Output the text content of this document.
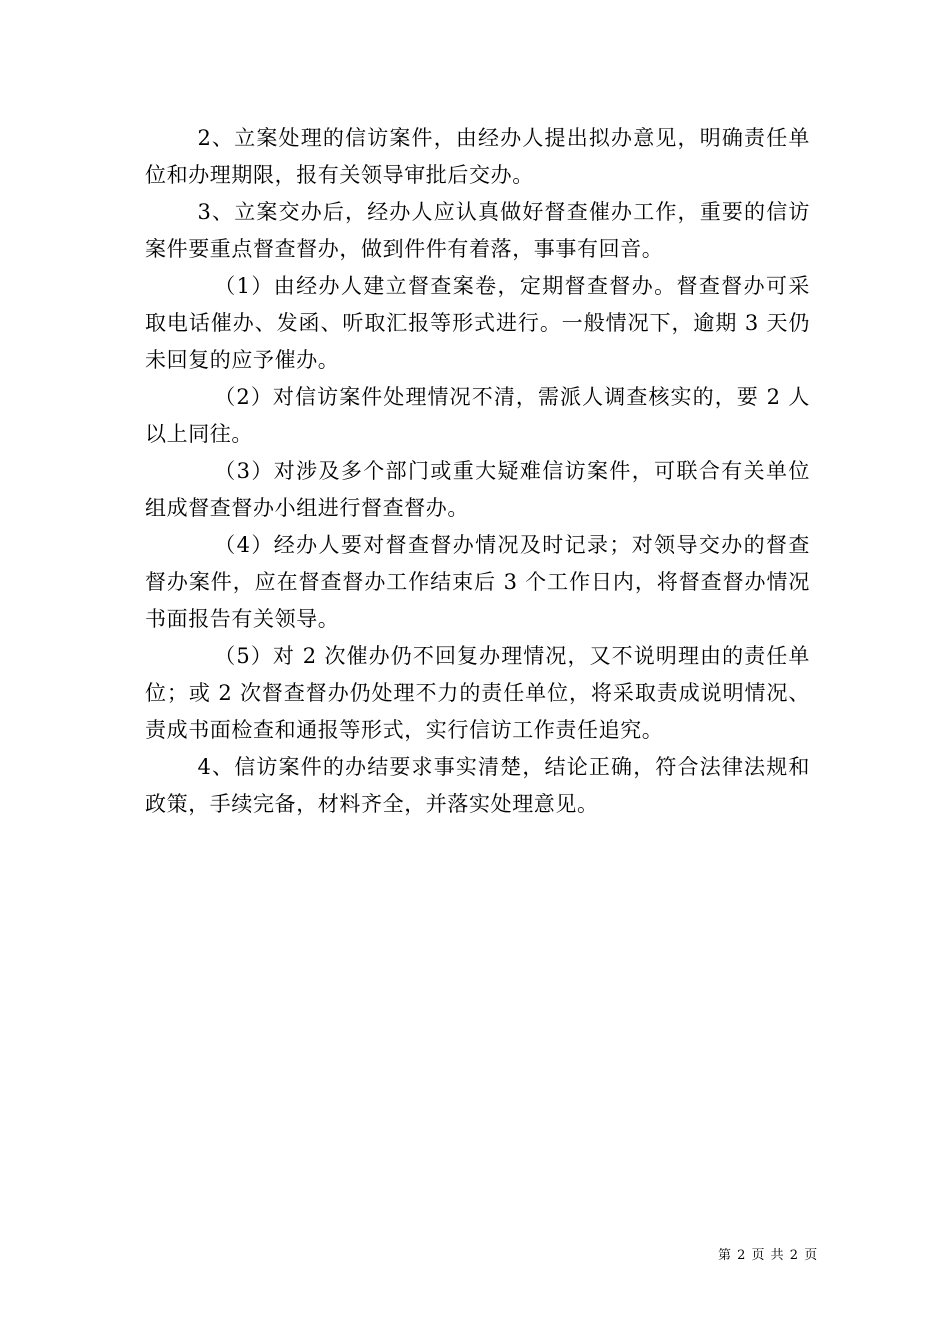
2、立案处理的信访案件，由经办人提出拟办意见，明确责任单位和办理期限，报有关领导审批后交办。

3、立案交办后，经办人应认真做好督查催办工作，重要的信访案件要重点督查督办，做到件件有着落，事事有回音。

（1）由经办人建立督查案卷，定期督查督办。督查督办可采取电话催办、发函、听取汇报等形式进行。一般情况下，逾期 3 天仍未回复的应予催办。

（2）对信访案件处理情况不清，需派人调查核实的，要 2 人以上同往。

（3）对涉及多个部门或重大疑难信访案件，可联合有关单位组成督查督办小组进行督查督办。

（4）经办人要对督查督办情况及时记录；对领导交办的督查督办案件，应在督查督办工作结束后 3 个工作日内，将督查督办情况书面报告有关领导。

（5）对 2 次催办仍不回复办理情况，又不说明理由的责任单位；或 2 次督查督办仍处理不力的责任单位，将采取责成说明情况、责成书面检查和通报等形式，实行信访工作责任追究。

4、信访案件的办结要求事实清楚，结论正确，符合法律法规和政策，手续完备，材料齐全，并落实处理意见。

第 2 页 共 2 页
